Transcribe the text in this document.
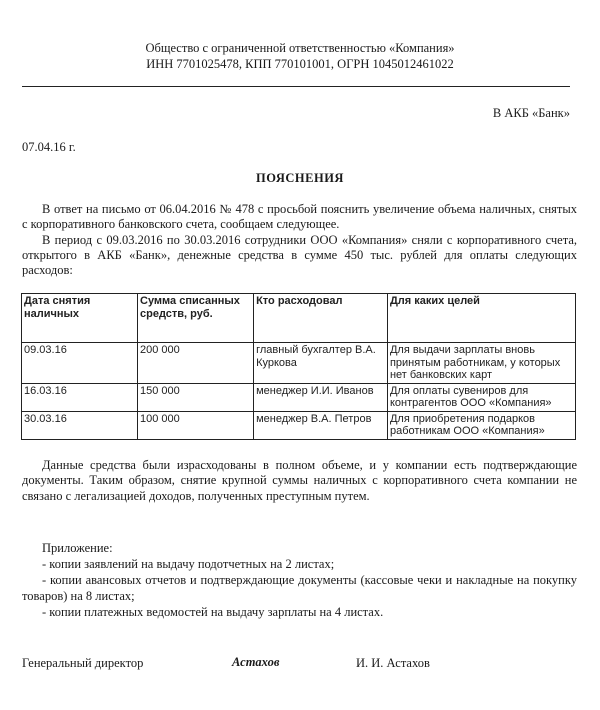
Общество с ограниченной ответственностью «Компания»
ИНН 7701025478, КПП 770101001, ОГРН 1045012461022
В АКБ «Банк»
07.04.16 г.
ПОЯСНЕНИЯ

В ответ на письмо от 06.04.2016 № 478 с просьбой пояснить увеличение объема наличных, снятых с корпоративного банковского счета, сообщаем следующее.

В период с 09.03.2016 по 30.03.2016 сотрудники ООО «Компания» сняли с корпоративного счета, открытого в АКБ «Банк», денежные средства в сумме 450 тыс. рублей для оплаты следующих расходов:

Дата снятия наличных	Сумма списанных средств, руб.	Кто расходовал	Для каких целей
09.03.16	200 000	главный бухгалтер В.А. Куркова	Для выдачи зарплаты вновь принятым работникам, у которых нет банковских карт
16.03.16	150 000	менеджер И.И. Иванов	Для оплаты сувениров для контрагентов ООО «Компания»
30.03.16	100 000	менеджер В.А. Петров	Для приобретения подарков работникам ООО «Компания»

Данные средства были израсходованы в полном объеме, и у компании есть подтверждающие документы. Таким образом, снятие крупной суммы наличных с корпоративного счета компании не связано с легализацией доходов, полученных преступным путем.

Приложение:
- копии заявлений на выдачу подотчетных на 2 листах;
- копии авансовых отчетов и подтверждающие документы (кассовые чеки и накладные на покупку товаров) на 8 листах;
- копии платежных ведомостей на выдачу зарплаты на 4 листах.
Генеральный директор	Астахов	И. И. Астахов
